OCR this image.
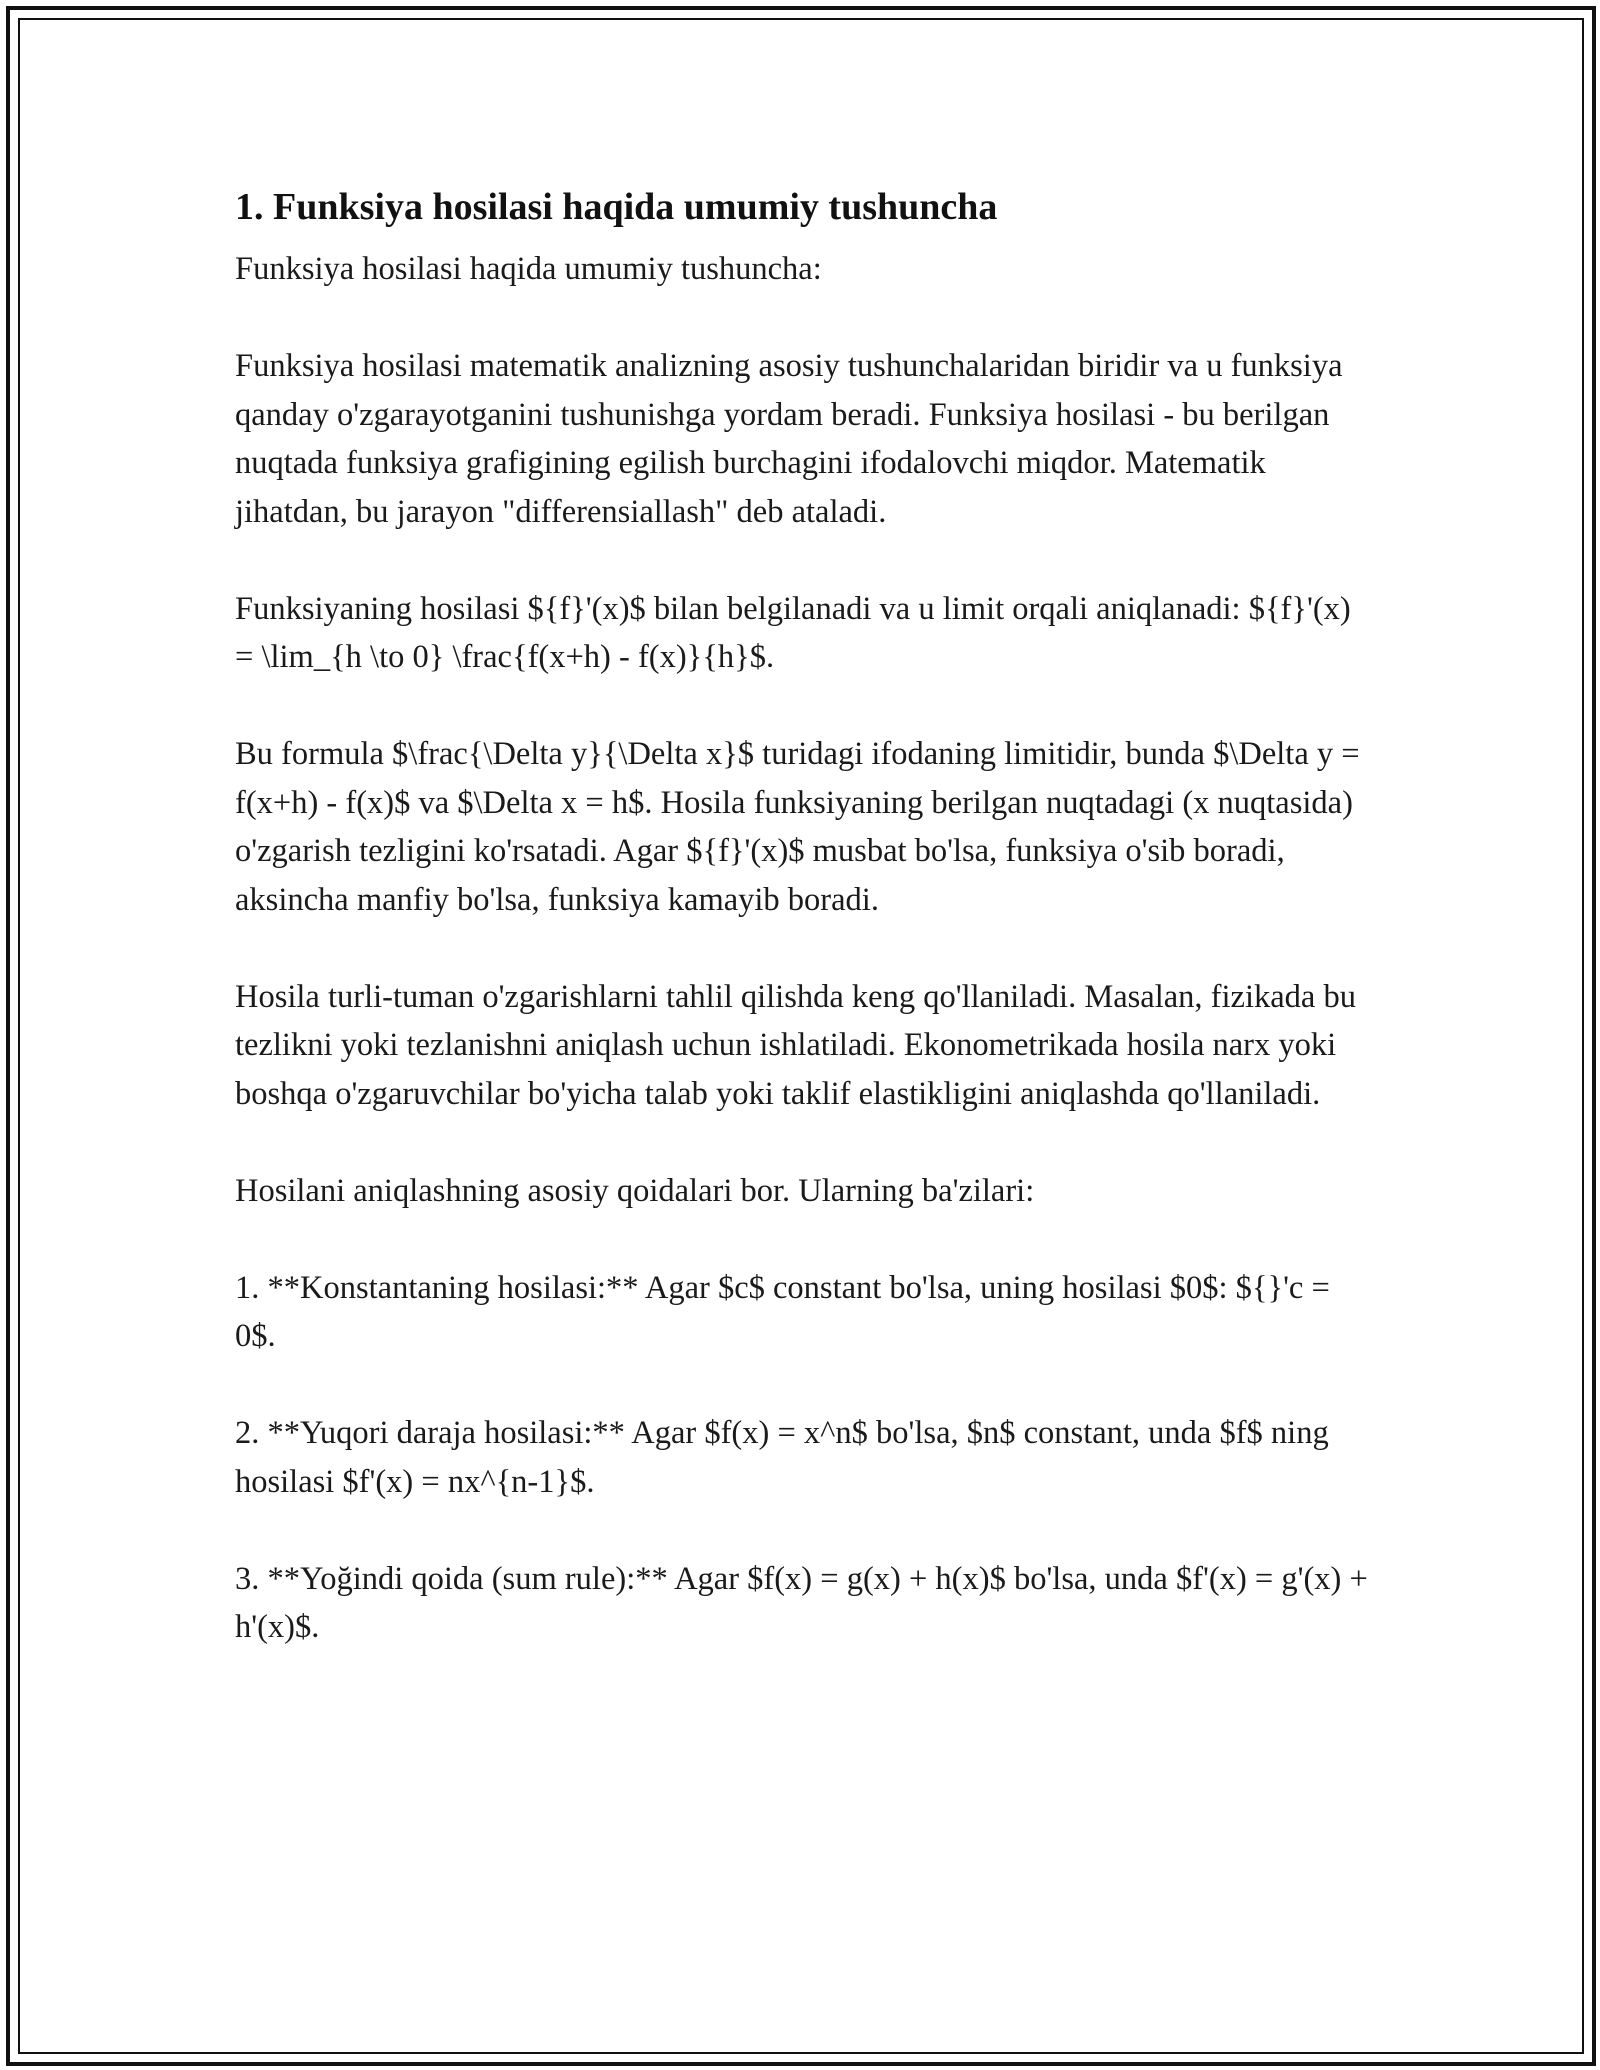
1. Funksiya hosilasi haqida umumiy tushuncha

Funksiya hosilasi haqida umumiy tushuncha:

Funksiya hosilasi matematik analizning asosiy tushunchalaridan biridir va u funksiya qanday o'zgarayotganini tushunishga yordam beradi. Funksiya hosilasi - bu berilgan nuqtada funksiya grafigining egilish burchagini ifodalovchi miqdor. Matematik jihatdan, bu jarayon "differensiallash" deb ataladi.

Funksiyaning hosilasi ${f}'(x)$ bilan belgilanadi va u limit orqali aniqlanadi: ${f}'(x) = \lim_{h \to 0} \frac{f(x+h) - f(x)}{h}$.

Bu formula $\frac{\Delta y}{\Delta x}$ turidagi ifodaning limitidir, bunda $\Delta y = f(x+h) - f(x)$ va $\Delta x = h$. Hosila funksiyaning berilgan nuqtadagi (x nuqtasida) o'zgarish tezligini ko'rsatadi. Agar ${f}'(x)$ musbat bo'lsa, funksiya o'sib boradi, aksincha manfiy bo'lsa, funksiya kamayib boradi.

Hosila turli-tuman o'zgarishlarni tahlil qilishda keng qo'llaniladi. Masalan, fizikada bu tezlikni yoki tezlanishni aniqlash uchun ishlatiladi. Ekonometrikada hosila narx yoki boshqa o'zgaruvchilar bo'yicha talab yoki taklif elastikligini aniqlashda qo'llaniladi.

Hosilani aniqlashning asosiy qoidalari bor. Ularning ba'zilari:

1. **Konstantaning hosilasi:** Agar $c$ constant bo'lsa, uning hosilasi $0$: ${}'c = 0$.

2. **Yuqori daraja hosilasi:** Agar $f(x) = x^n$ bo'lsa, $n$ constant, unda $f$ ning hosilasi $f'(x) = nx^{n-1}$.

3. **Yoğindi qoida (sum rule):** Agar $f(x) = g(x) + h(x)$ bo'lsa, unda $f'(x) = g'(x) + h'(x)$.
